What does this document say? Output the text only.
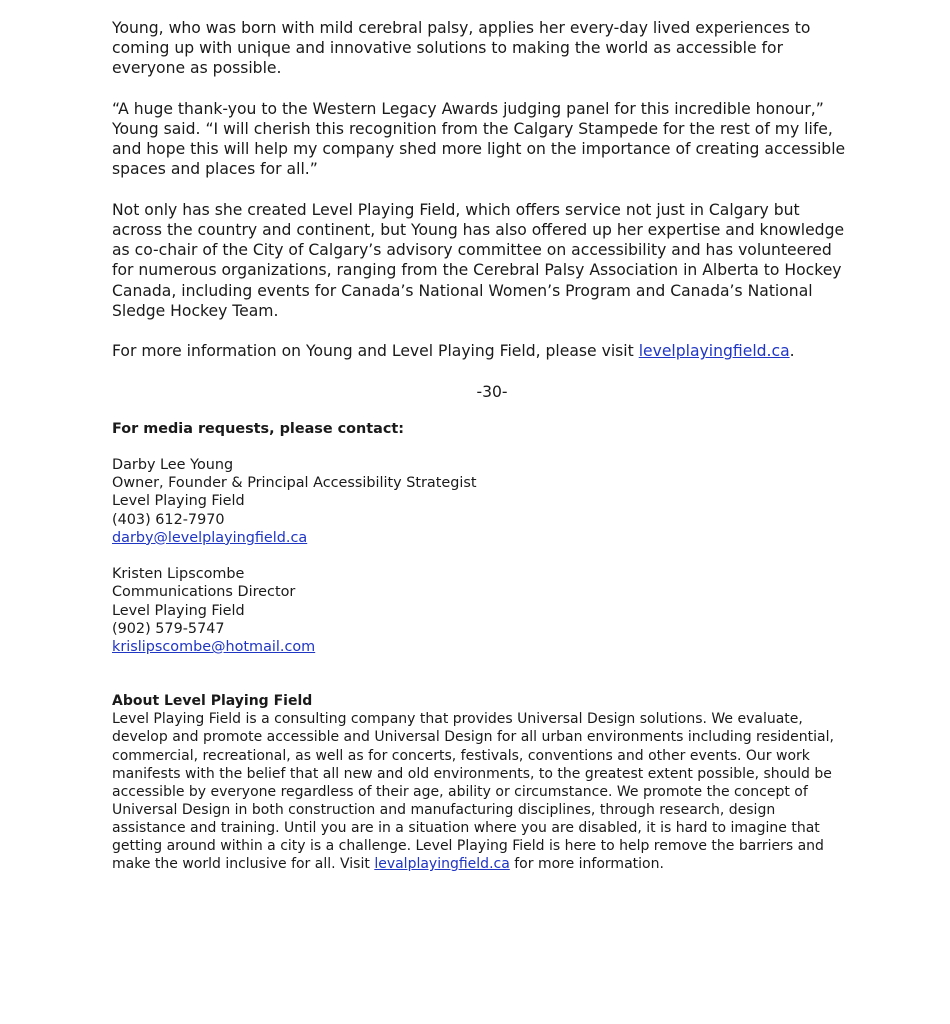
Young, who was born with mild cerebral palsy, applies her every-day lived experiences to coming up with unique and innovative solutions to making the world as accessible for everyone as possible.

“A huge thank-you to the Western Legacy Awards judging panel for this incredible honour,” Young said. “I will cherish this recognition from the Calgary Stampede for the rest of my life, and hope this will help my company shed more light on the importance of creating accessible spaces and places for all.”

Not only has she created Level Playing Field, which offers service not just in Calgary but across the country and continent, but Young has also offered up her expertise and knowledge as co-chair of the City of Calgary’s advisory committee on accessibility and has volunteered for numerous organizations, ranging from the Cerebral Palsy Association in Alberta to Hockey Canada, including events for Canada’s National Women’s Program and Canada’s National Sledge Hockey Team.

For more information on Young and Level Playing Field, please visit levelplayingfield.ca.

-30-
For media requests, please contact:
Darby Lee Young
Owner, Founder & Principal Accessibility Strategist
Level Playing Field
(403) 612-7970
darby@levelplayingfield.ca
Kristen Lipscombe
Communications Director
Level Playing Field
(902) 579-5747
krislipscombe@hotmail.com
About Level Playing Field

Level Playing Field is a consulting company that provides Universal Design solutions. We evaluate, develop and promote accessible and Universal Design for all urban environments including residential, commercial, recreational, as well as for concerts, festivals, conventions and other events. Our work manifests with the belief that all new and old environments, to the greatest extent possible, should be accessible by everyone regardless of their age, ability or circumstance. We promote the concept of Universal Design in both construction and manufacturing disciplines, through research, design assistance and training. Until you are in a situation where you are disabled, it is hard to imagine that getting around within a city is a challenge. Level Playing Field is here to help remove the barriers and make the world inclusive for all. Visit levalplayingfield.ca for more information.
